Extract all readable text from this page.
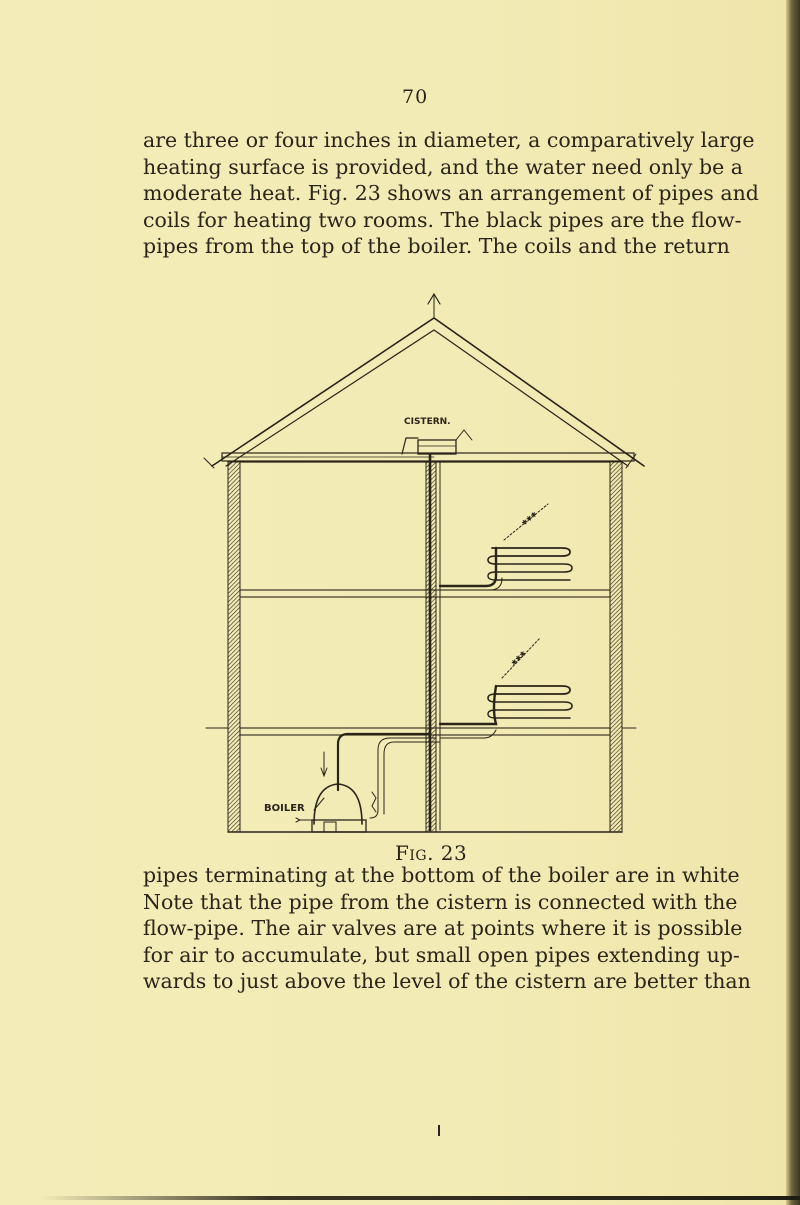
70
are three or four inches in diameter, a comparatively large
heating surface is provided, and the water need only be a
moderate heat. Fig. 23 shows an arrangement of pipes and
coils for heating two rooms. The black pipes are the flow-
pipes from the top of the boiler. The coils and the return
CISTERN.
✱✱✱
✱✱✱
BOILER
Fig. 23
pipes terminating at the bottom of the boiler are in white
Note that the pipe from the cistern is connected with the
flow-pipe. The air valves are at points where it is possible
for air to accumulate, but small open pipes extending up-
wards to just above the level of the cistern are better than
